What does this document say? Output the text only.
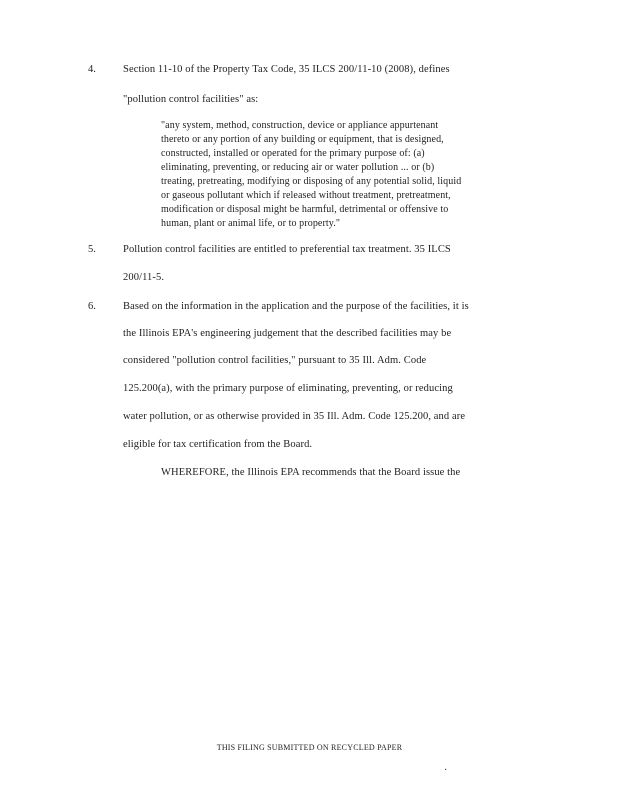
4.	Section 11-10 of the Property Tax Code, 35 ILCS 200/11-10 (2008), defines
"pollution control facilities" as:
"any system, method, construction, device or appliance appurtenant
thereto or any portion of any building or equipment, that is designed,
constructed, installed or operated for the primary purpose of: (a)
eliminating, preventing, or reducing air or water pollution ... or (b)
treating, pretreating, modifying or disposing of any potential solid, liquid
or gaseous pollutant which if released without treatment, pretreatment,
modification or disposal might be harmful, detrimental or offensive to
human, plant or animal life, or to property."
5.	Pollution control facilities are entitled to preferential tax treatment. 35 ILCS
200/11-5.
6.	Based on the information in the application and the purpose of the facilities, it is
the Illinois EPA's engineering judgement that the described facilities may be
considered "pollution control facilities," pursuant to 35 Ill. Adm. Code
125.200(a), with the primary purpose of eliminating, preventing, or reducing
water pollution, or as otherwise provided in 35 Ill. Adm. Code 125.200, and are
eligible for tax certification from the Board.
WHEREFORE, the Illinois EPA recommends that the Board issue the
THIS FILING SUBMITTED ON RECYCLED PAPER
·
